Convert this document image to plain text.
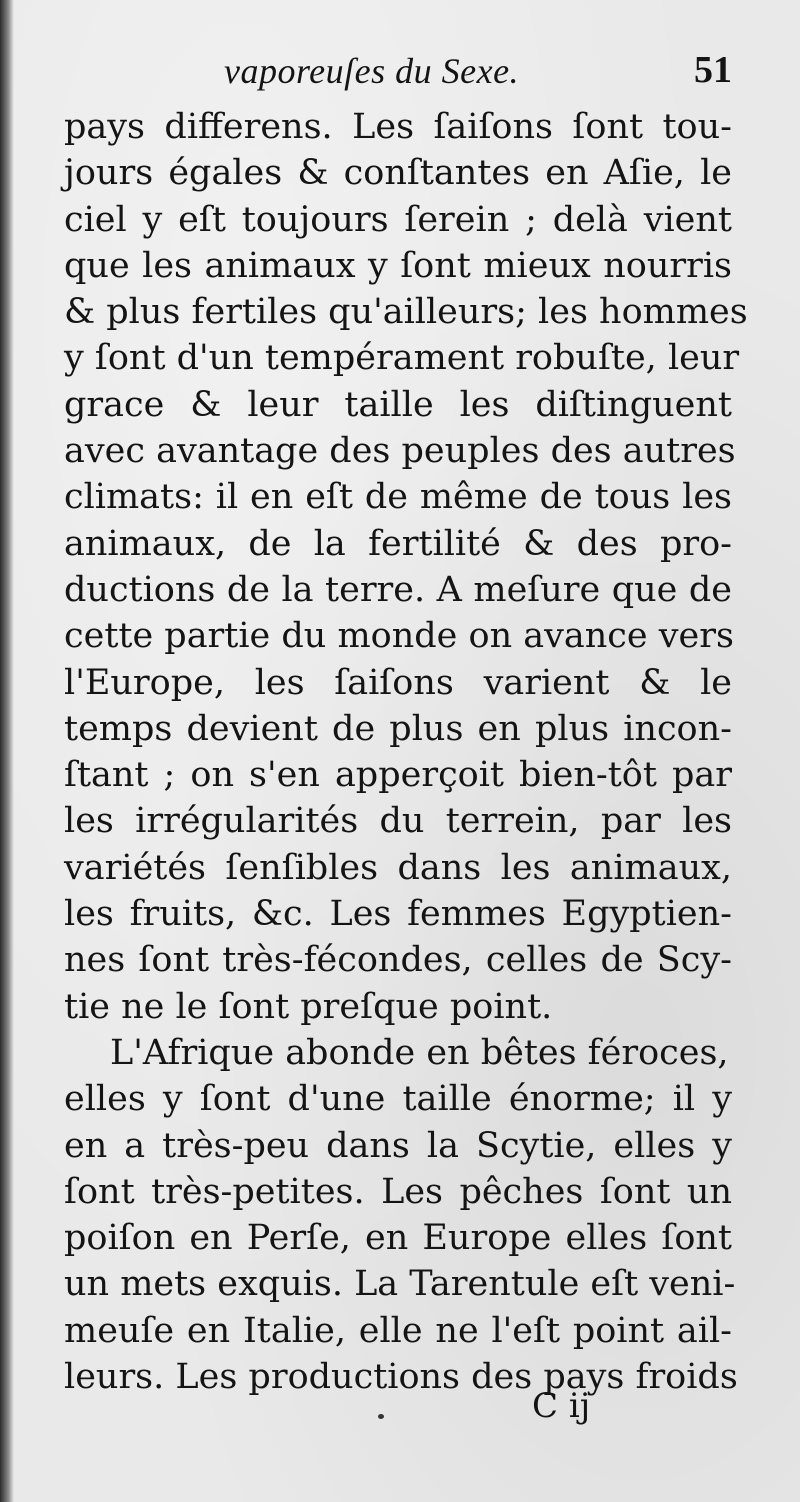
vaporeuſes du Sexe.	51
pays differens. Les ſaiſons ſont tou-
jours égales & conſtantes en Aſie, le
ciel y eſt toujours ſerein ; delà vient
que les animaux y ſont mieux nourris
& plus fertiles qu'ailleurs; les hommes
y ſont d'un tempérament robuſte, leur
grace & leur taille les diſtinguent
avec avantage des peuples des autres
climats: il en eſt de même de tous les
animaux, de la fertilité & des pro-
ductions de la terre. A meſure que de
cette partie du monde on avance vers
l'Europe, les ſaiſons varient & le
temps devient de plus en plus incon-
ſtant ; on s'en apperçoit bien-tôt par
les irrégularités du terrein, par les
variétés ſenſibles dans les animaux,
les fruits, &c. Les femmes Egyptien-
nes ſont très-fécondes, celles de Scy-
tie ne le ſont preſque point.
L'Afrique abonde en bêtes féroces,
elles y ſont d'une taille énorme; il y
en a très-peu dans la Scytie, elles y
ſont très-petites. Les pêches ſont un
poiſon en Perſe, en Europe elles ſont
un mets exquis. La Tarentule eſt veni-
meuſe en Italie, elle ne l'eſt point ail-
leurs. Les productions des pays froids
C ij
